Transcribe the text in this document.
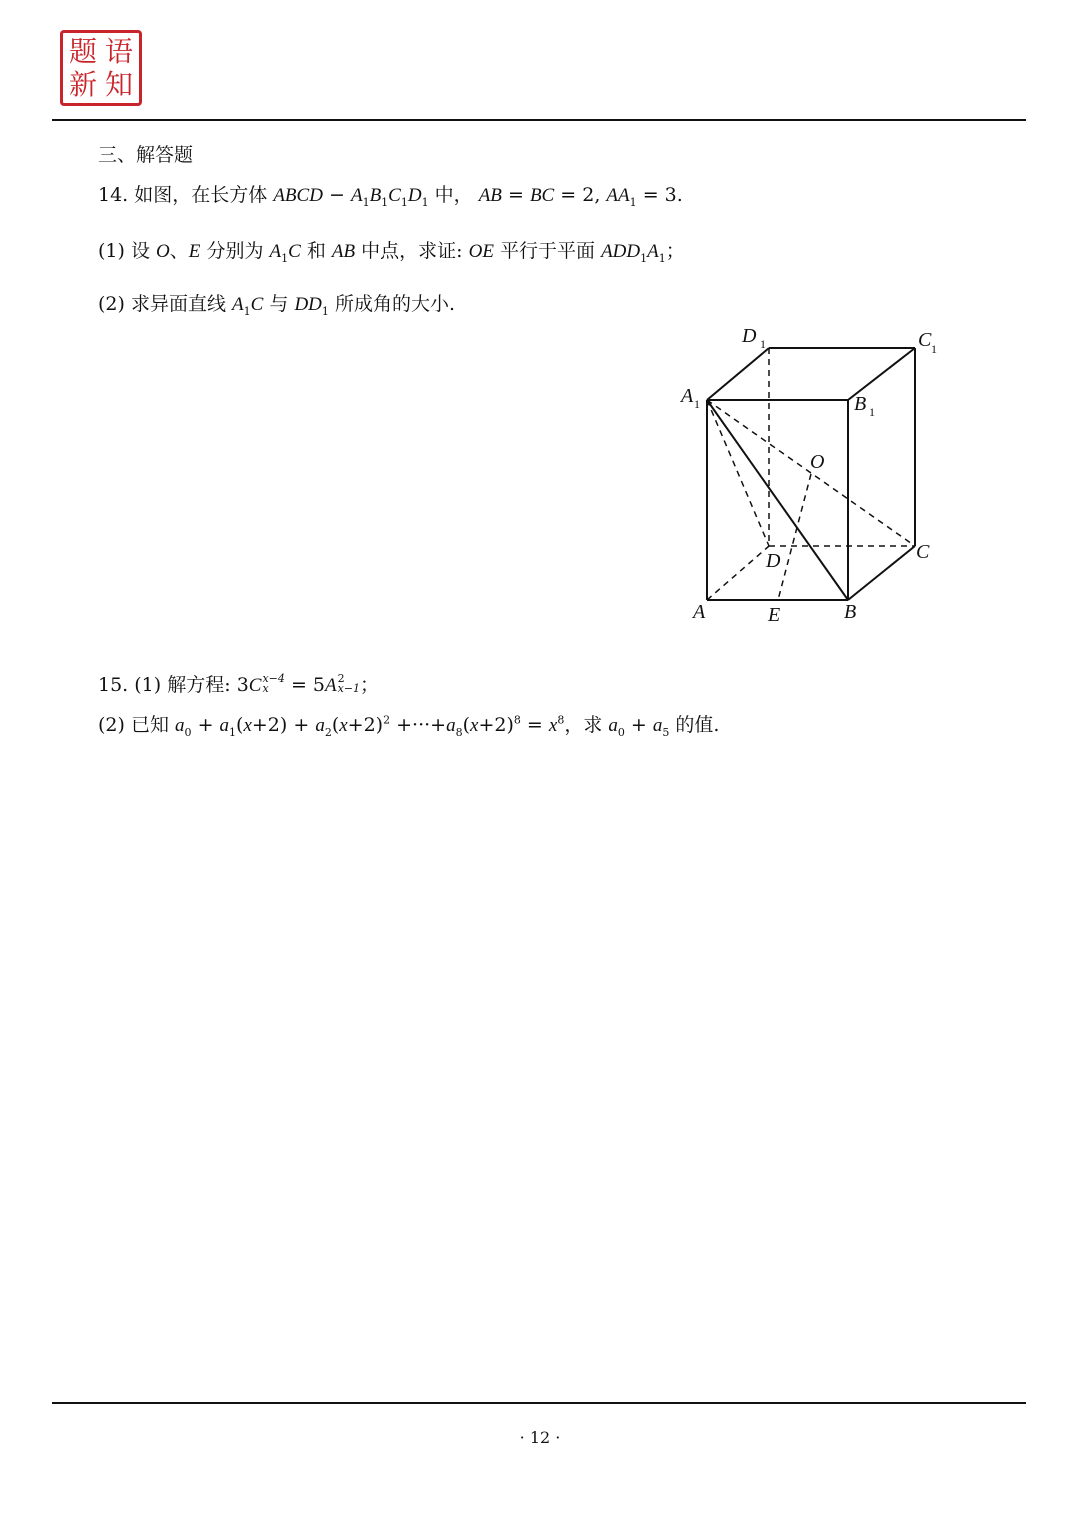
题 语
新 知
三、解答题
14. 如图，在长方体 ABCD − $A_1B_1C_1D_1$ 中， AB = BC = 2, $AA_1 = 3$.
(1) 设 O、E 分别为 $A_1C$ 和 AB 中点，求证: OE 平行于平面 $ADD_1A_1$；
(2) 求异面直线 $A_1C$ 与 $DD_1$ 所成角的大小.
D 1	C 1
A 1	B 1
O
D	C
A	E	B
15. (1) 解方程: 3C x−4
x	= 5A 2
x−1 ；
(2) 已知 $a_0 + a_1(x+2) + a_2(x+2)^2 +\cdot\cdot\cdot+a_8(x+2)^8 = x^8$，求 $a_0 + a_5$ 的值.
· 12 ·
